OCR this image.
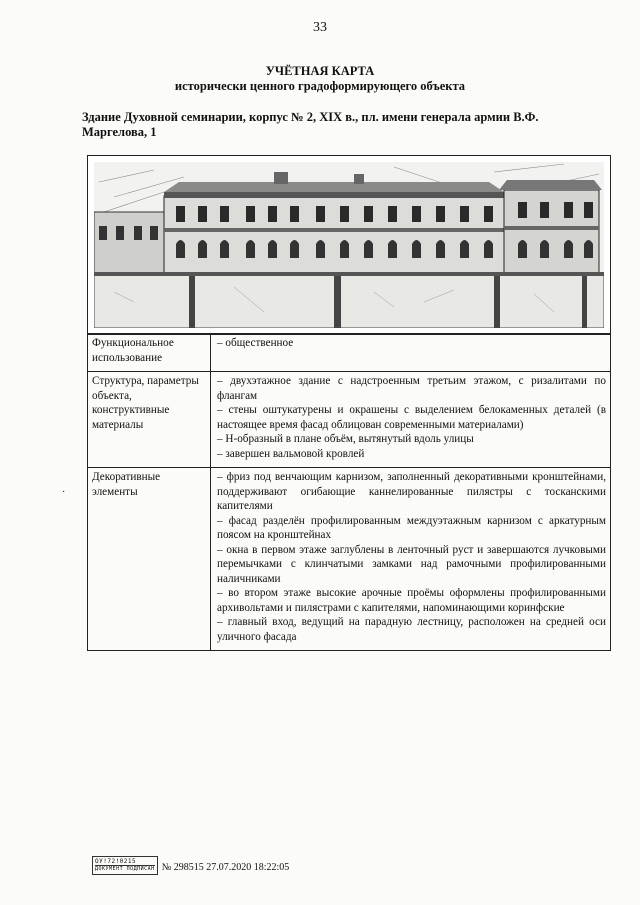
33
УЧЁТНАЯ КАРТА
исторически ценного градоформирующего объекта
Здание Духовной семинарии, корпус № 2, XIX в., пл. имени генерала армии В.Ф. Маргелова, 1
Функциональное использование	– общественное

Структура, параметры объекта, конструктивные материалы	– двухэтажное здание с надстроенным третьим этажом, с ризалитами по флангам
– стены оштукатурены и окрашены с выделением белокаменных деталей (в настоящее время фасад облицован современными материалами)
– Н-образный в плане объём, вытянутый вдоль улицы
– завершен вальмовой кровлей

Декоративные элементы	– фриз под венчающим карнизом, заполненный декоративными кронштейнами, поддерживают огибающие каннелированные пилястры с тосканскими капителями
– фасад разделён профилированным междуэтажным карнизом с аркатурным поясом на кронштейнах
– окна в первом этаже заглублены в ленточный руст и завершаются лучковыми перемычками с клинчатыми замками над рамочными профилированными наличниками
– во втором этаже высокие арочные проёмы оформлены профилированными архивольтами и пилястрами с капителями, напоминающими коринфские
– главный вход, ведущий на парадную лестницу, расположен на средней оси уличного фасада
·
ОУ!72!0215
ДОКУМЕНТ ПОДПИСАН № 298515 27.07.2020 18:22:05
